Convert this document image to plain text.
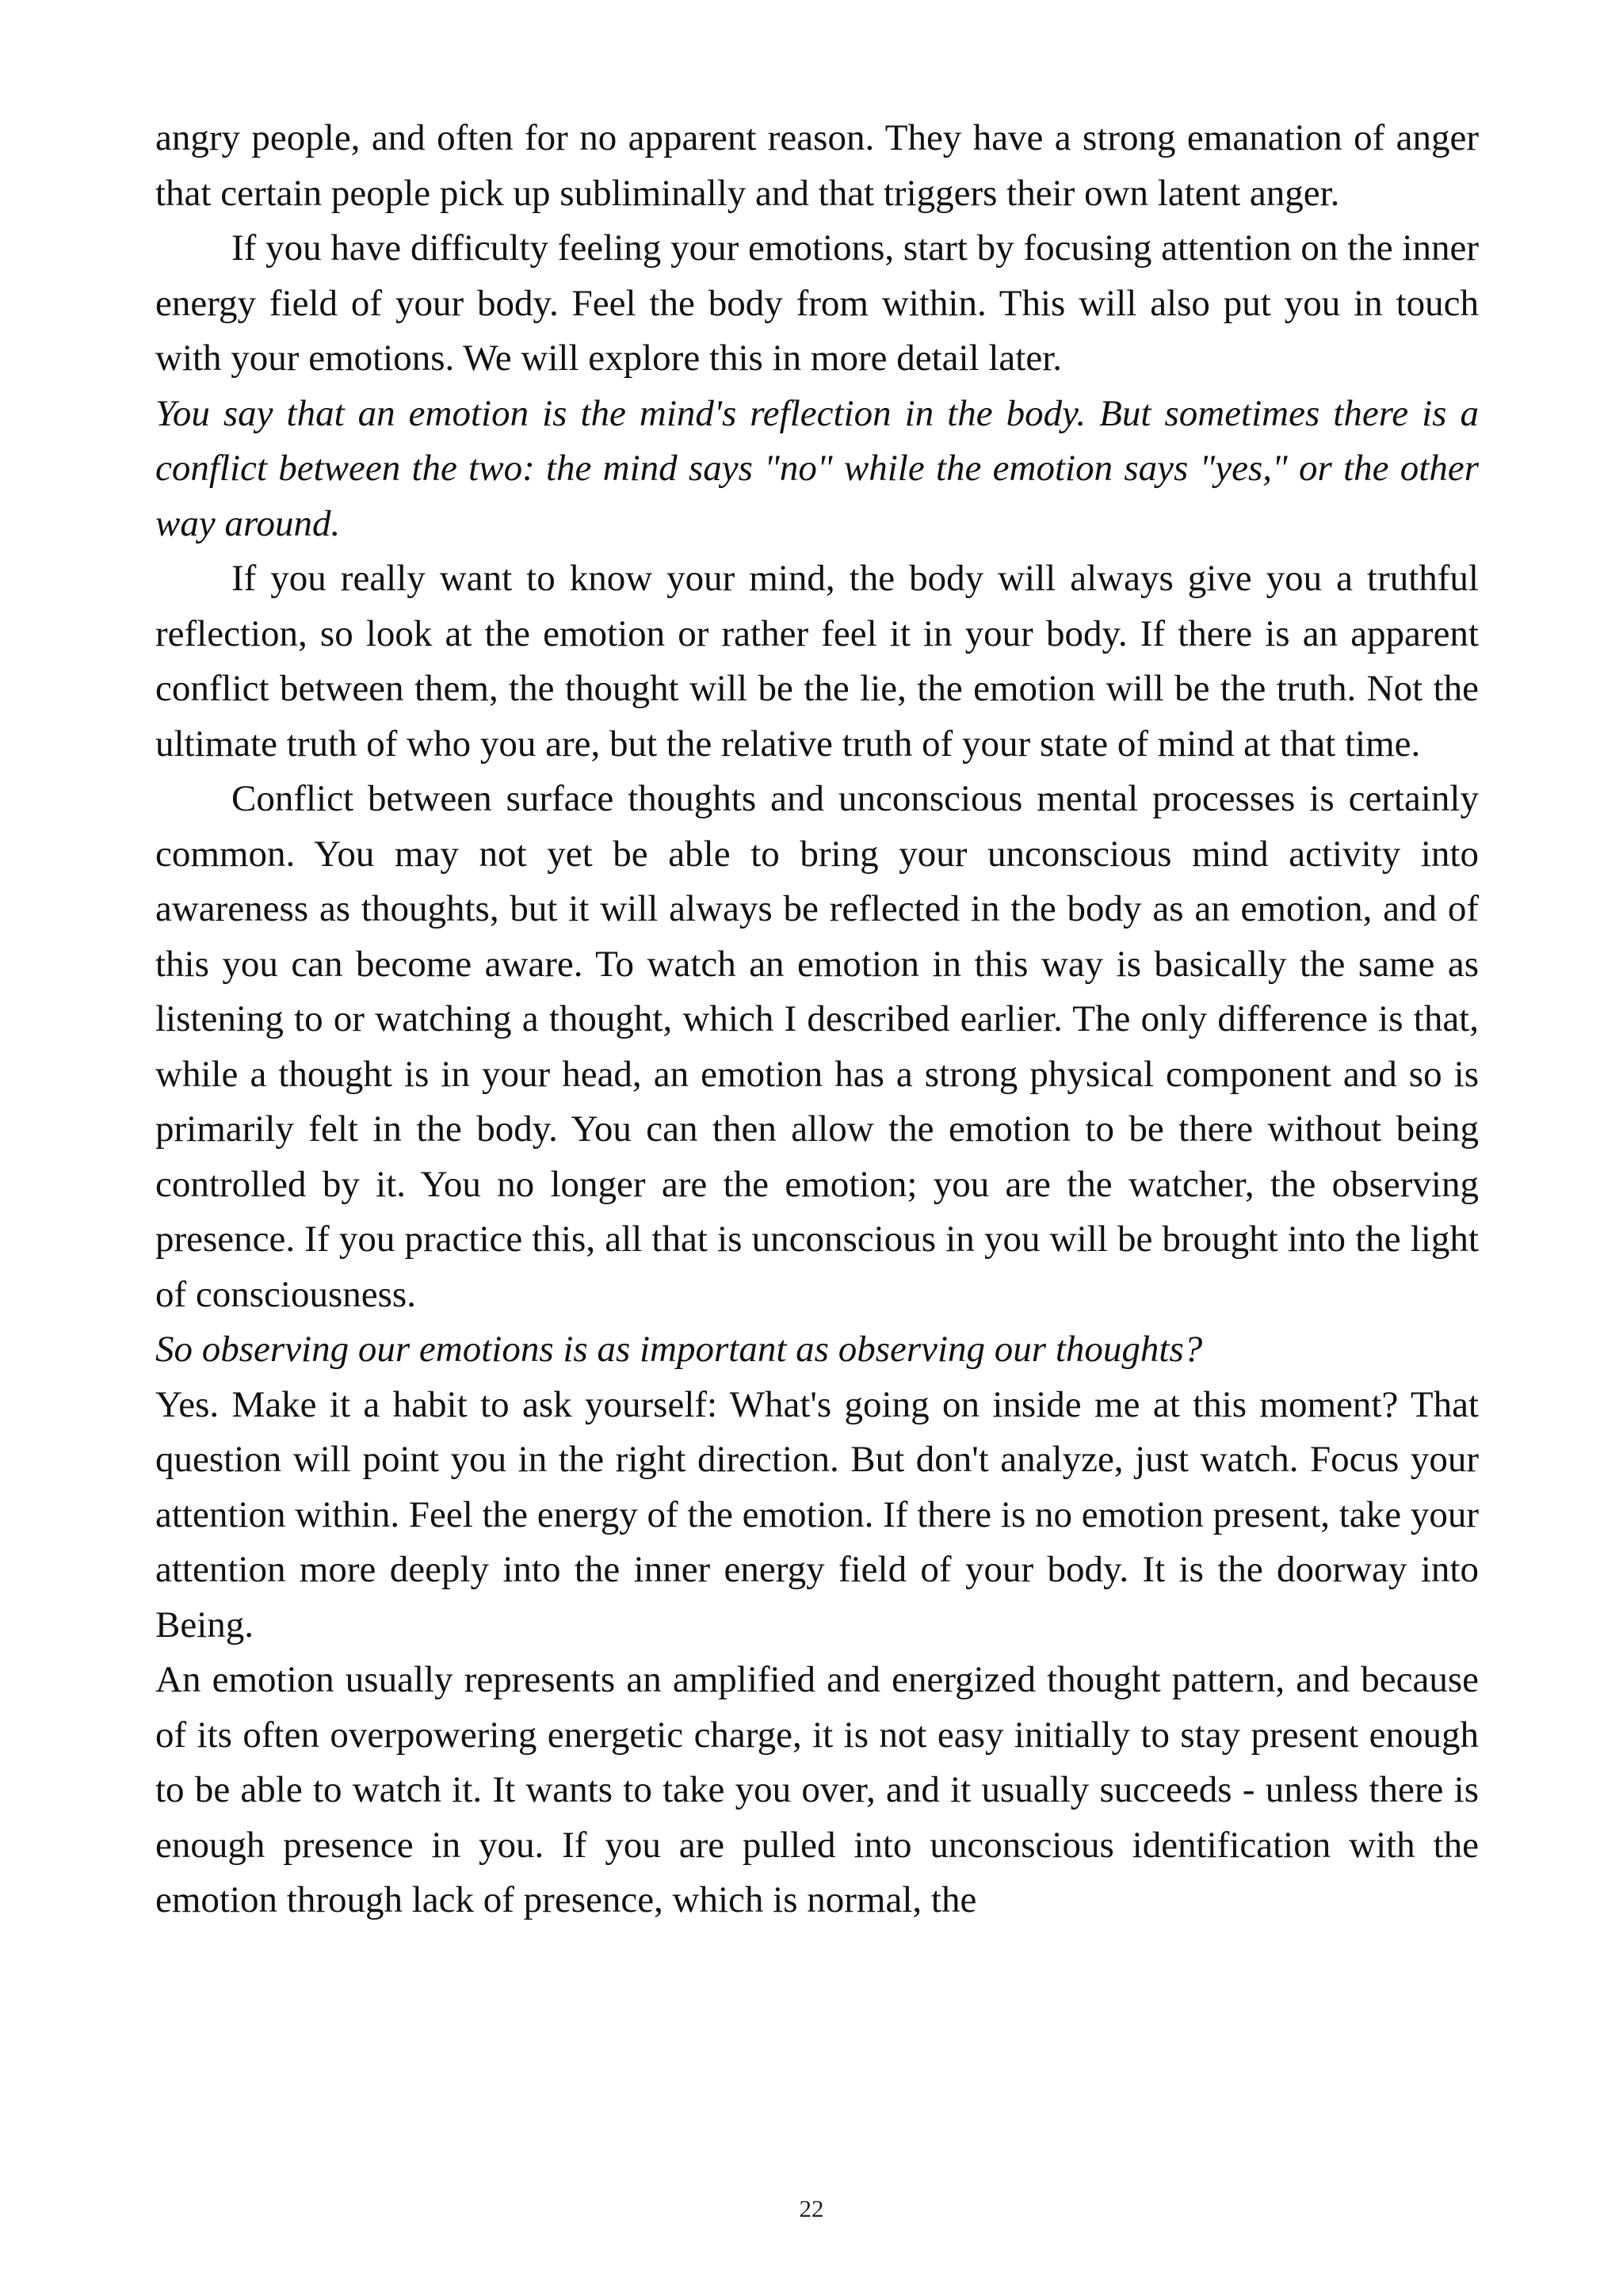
angry people, and often for no apparent reason. They have a strong emanation of anger that certain people pick up subliminally and that triggers their own latent anger.

If you have difficulty feeling your emotions, start by focusing attention on the inner energy field of your body. Feel the body from within. This will also put you in touch with your emotions. We will explore this in more detail later.

You say that an emotion is the mind's reflection in the body. But sometimes there is a conflict between the two: the mind says "no" while the emotion says "yes," or the other way around.

If you really want to know your mind, the body will always give you a truthful reflection, so look at the emotion or rather feel it in your body. If there is an apparent conflict between them, the thought will be the lie, the emotion will be the truth. Not the ultimate truth of who you are, but the relative truth of your state of mind at that time.

Conflict between surface thoughts and unconscious mental processes is certainly common. You may not yet be able to bring your unconscious mind activity into awareness as thoughts, but it will always be reflected in the body as an emotion, and of this you can become aware. To watch an emotion in this way is basically the same as listening to or watching a thought, which I described earlier. The only difference is that, while a thought is in your head, an emotion has a strong physical component and so is primarily felt in the body. You can then allow the emotion to be there without being controlled by it. You no longer are the emotion; you are the watcher, the observing presence. If you practice this, all that is unconscious in you will be brought into the light of consciousness.

So observing our emotions is as important as observing our thoughts?

Yes. Make it a habit to ask yourself: What's going on inside me at this moment? That question will point you in the right direction. But don't analyze, just watch. Focus your attention within. Feel the energy of the emotion. If there is no emotion present, take your attention more deeply into the inner energy field of your body. It is the doorway into Being.

An emotion usually represents an amplified and energized thought pattern, and because of its often overpowering energetic charge, it is not easy initially to stay present enough to be able to watch it. It wants to take you over, and it usually succeeds - unless there is enough presence in you. If you are pulled into unconscious identification with the emotion through lack of presence, which is normal, the

22
